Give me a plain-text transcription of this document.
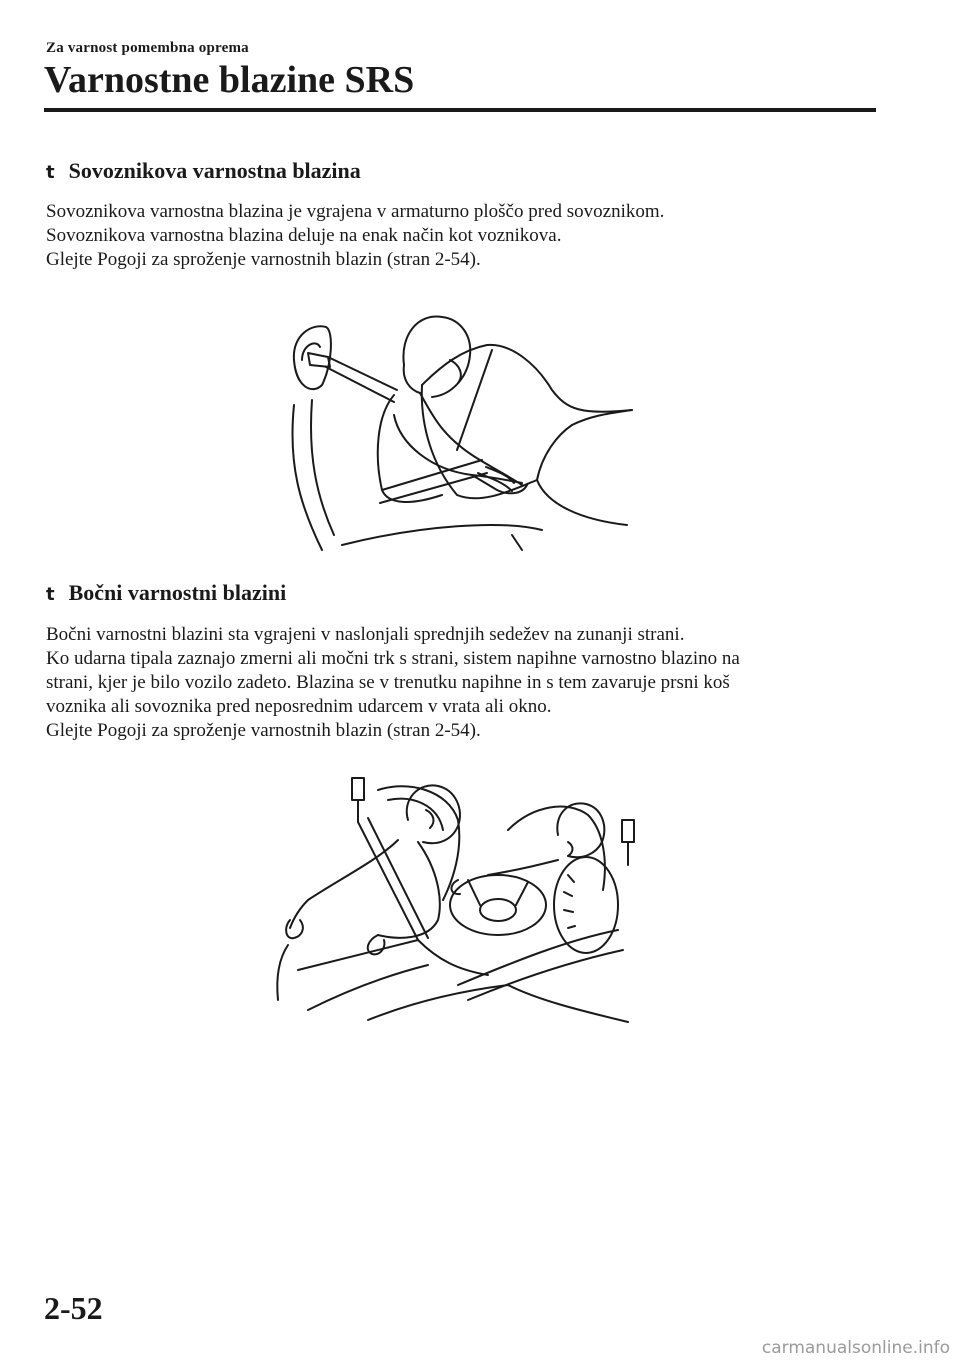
Za varnost pomembna oprema
Varnostne blazine SRS
t Sovoznikova varnostna blazina

Sovoznikova varnostna blazina je vgrajena v armaturno ploščo pred sovoznikom.

Sovoznikova varnostna blazina deluje na enak način kot voznikova.

Glejte Pogoji za sproženje varnostnih blazin (stran 2-54).

t Bočni varnostni blazini

Bočni varnostni blazini sta vgrajeni v naslonjali sprednjih sedežev na zunanji strani.

Ko udarna tipala zaznajo zmerni ali močni trk s strani, sistem napihne varnostno blazino na

strani, kjer je bilo vozilo zadeto. Blazina se v trenutku napihne in s tem zavaruje prsni koš

voznika ali sovoznika pred neposrednim udarcem v vrata ali okno.

Glejte Pogoji za sproženje varnostnih blazin (stran 2-54).

2-52
carmanualsonline.info
